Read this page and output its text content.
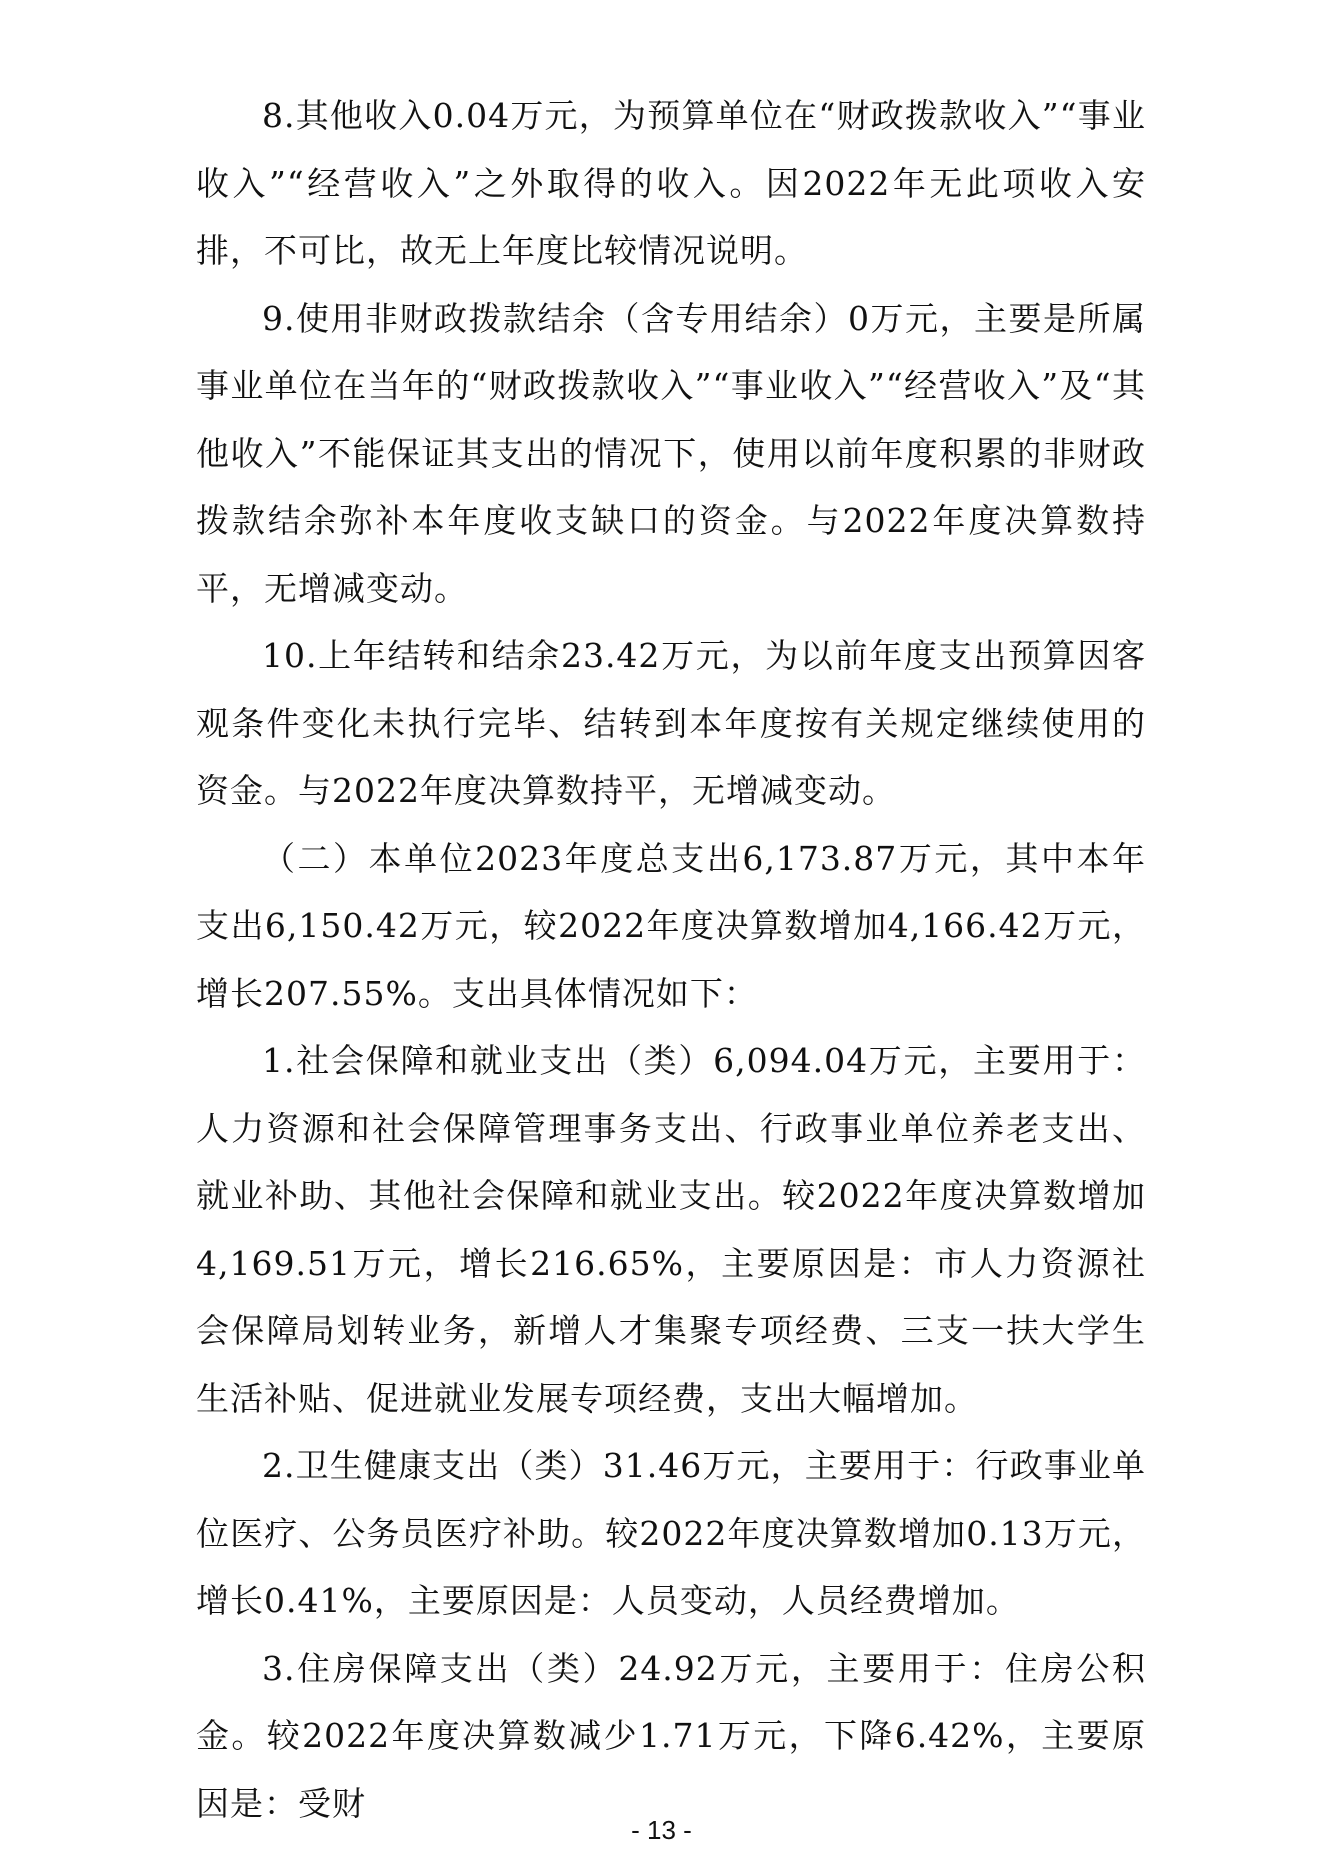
8.其他收入0.04万元，为预算单位在“财政拨款收入”“事业收入”“经营收入”之外取得的收入。因2022年无此项收入安排，不可比，故无上年度比较情况说明。

9.使用非财政拨款结余（含专用结余）0万元，主要是所属事业单位在当年的“财政拨款收入”“事业收入”“经营收入”及“其他收入”不能保证其支出的情况下，使用以前年度积累的非财政拨款结余弥补本年度收支缺口的资金。与2022年度决算数持平，无增减变动。

10.上年结转和结余23.42万元，为以前年度支出预算因客观条件变化未执行完毕、结转到本年度按有关规定继续使用的资金。与2022年度决算数持平，无增减变动。

（二）本单位2023年度总支出6,173.87万元，其中本年支出6,150.42万元，较2022年度决算数增加4,166.42万元，增长207.55%。支出具体情况如下：

1.社会保障和就业支出（类）6,094.04万元，主要用于：人力资源和社会保障管理事务支出、行政事业单位养老支出、就业补助、其他社会保障和就业支出。较2022年度决算数增加4,169.51万元，增长216.65%，主要原因是：市人力资源社会保障局划转业务，新增人才集聚专项经费、三支一扶大学生生活补贴、促进就业发展专项经费，支出大幅增加。

2.卫生健康支出（类）31.46万元，主要用于：行政事业单位医疗、公务员医疗补助。较2022年度决算数增加0.13万元，增长0.41%，主要原因是：人员变动，人员经费增加。

3.住房保障支出（类）24.92万元，主要用于：住房公积金。较2022年度决算数减少1.71万元，下降6.42%，主要原因是：受财

- 13 -
